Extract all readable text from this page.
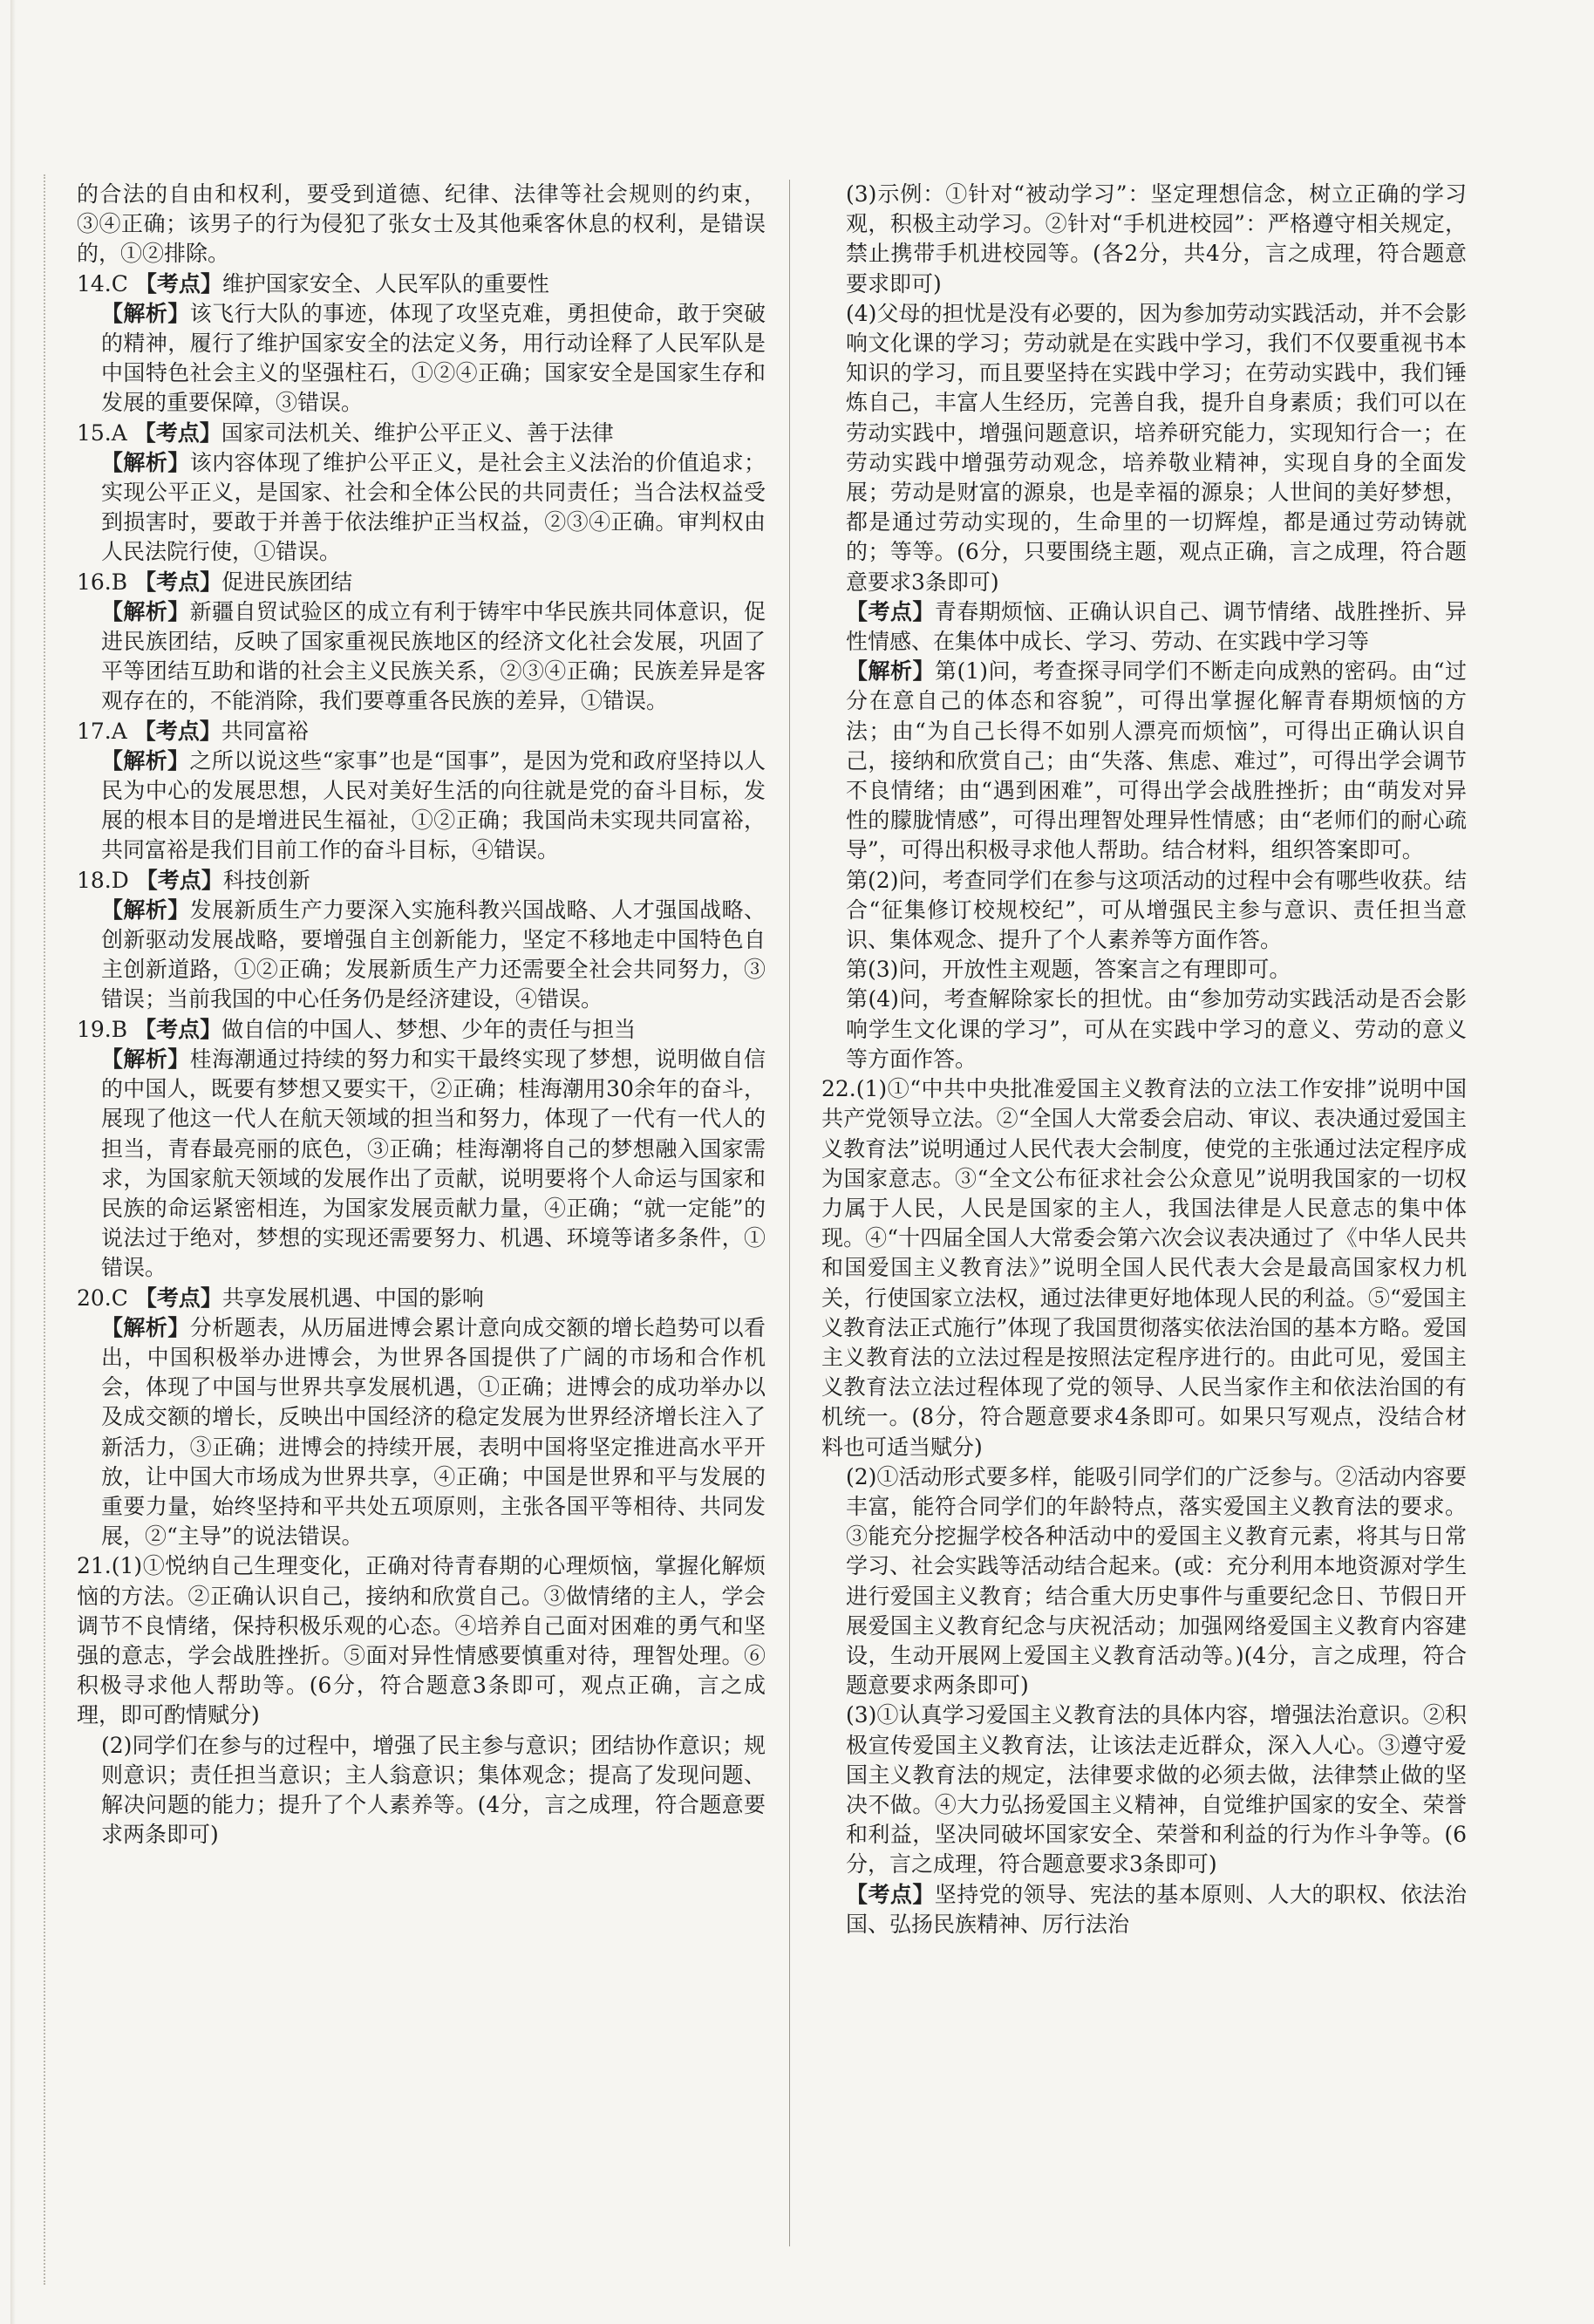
的合法的自由和权利，要受到道德、纪律、法律等社会规则的约束，③④正确；该男子的行为侵犯了张女士及其他乘客休息的权利，是错误的，①②排除。

14.C 【考点】维护国家安全、人民军队的重要性

【解析】该飞行大队的事迹，体现了攻坚克难，勇担使命，敢于突破的精神，履行了维护国家安全的法定义务，用行动诠释了人民军队是中国特色社会主义的坚强柱石，①②④正确；国家安全是国家生存和发展的重要保障，③错误。

15.A 【考点】国家司法机关、维护公平正义、善于法律

【解析】该内容体现了维护公平正义，是社会主义法治的价值追求；实现公平正义，是国家、社会和全体公民的共同责任；当合法权益受到损害时，要敢于并善于依法维护正当权益，②③④正确。审判权由人民法院行使，①错误。

16.B 【考点】促进民族团结

【解析】新疆自贸试验区的成立有利于铸牢中华民族共同体意识，促进民族团结，反映了国家重视民族地区的经济文化社会发展，巩固了平等团结互助和谐的社会主义民族关系，②③④正确；民族差异是客观存在的，不能消除，我们要尊重各民族的差异，①错误。

17.A 【考点】共同富裕

【解析】之所以说这些“家事”也是“国事”，是因为党和政府坚持以人民为中心的发展思想，人民对美好生活的向往就是党的奋斗目标，发展的根本目的是增进民生福祉，①②正确；我国尚未实现共同富裕，共同富裕是我们目前工作的奋斗目标，④错误。

18.D 【考点】科技创新

【解析】发展新质生产力要深入实施科教兴国战略、人才强国战略、创新驱动发展战略，要增强自主创新能力，坚定不移地走中国特色自主创新道路，①②正确；发展新质生产力还需要全社会共同努力，③错误；当前我国的中心任务仍是经济建设，④错误。

19.B 【考点】做自信的中国人、梦想、少年的责任与担当

【解析】桂海潮通过持续的努力和实干最终实现了梦想，说明做自信的中国人，既要有梦想又要实干，②正确；桂海潮用30余年的奋斗，展现了他这一代人在航天领域的担当和努力，体现了一代有一代人的担当，青春最亮丽的底色，③正确；桂海潮将自己的梦想融入国家需求，为国家航天领域的发展作出了贡献，说明要将个人命运与国家和民族的命运紧密相连，为国家发展贡献力量，④正确；“就一定能”的说法过于绝对，梦想的实现还需要努力、机遇、环境等诸多条件，①错误。

20.C 【考点】共享发展机遇、中国的影响

【解析】分析题表，从历届进博会累计意向成交额的增长趋势可以看出，中国积极举办进博会，为世界各国提供了广阔的市场和合作机会，体现了中国与世界共享发展机遇，①正确；进博会的成功举办以及成交额的增长，反映出中国经济的稳定发展为世界经济增长注入了新活力，③正确；进博会的持续开展，表明中国将坚定推进高水平开放，让中国大市场成为世界共享，④正确；中国是世界和平与发展的重要力量，始终坚持和平共处五项原则，主张各国平等相待、共同发展，②“主导”的说法错误。

21.(1)①悦纳自己生理变化，正确对待青春期的心理烦恼，掌握化解烦恼的方法。②正确认识自己，接纳和欣赏自己。③做情绪的主人，学会调节不良情绪，保持积极乐观的心态。④培养自己面对困难的勇气和坚强的意志，学会战胜挫折。⑤面对异性情感要慎重对待，理智处理。⑥积极寻求他人帮助等。(6分，符合题意3条即可，观点正确，言之成理，即可酌情赋分)

(2)同学们在参与的过程中，增强了民主参与意识；团结协作意识；规则意识；责任担当意识；主人翁意识；集体观念；提高了发现问题、解决问题的能力；提升了个人素养等。(4分，言之成理，符合题意要求两条即可)

(3)示例：①针对“被动学习”：坚定理想信念，树立正确的学习观，积极主动学习。②针对“手机进校园”：严格遵守相关规定，禁止携带手机进校园等。(各2分，共4分，言之成理，符合题意要求即可)

(4)父母的担忧是没有必要的，因为参加劳动实践活动，并不会影响文化课的学习；劳动就是在实践中学习，我们不仅要重视书本知识的学习，而且要坚持在实践中学习；在劳动实践中，我们锤炼自己，丰富人生经历，完善自我，提升自身素质；我们可以在劳动实践中，增强问题意识，培养研究能力，实现知行合一；在劳动实践中增强劳动观念，培养敬业精神，实现自身的全面发展；劳动是财富的源泉，也是幸福的源泉；人世间的美好梦想，都是通过劳动实现的，生命里的一切辉煌，都是通过劳动铸就的；等等。(6分，只要围绕主题，观点正确，言之成理，符合题意要求3条即可)

【考点】青春期烦恼、正确认识自己、调节情绪、战胜挫折、异性情感、在集体中成长、学习、劳动、在实践中学习等

【解析】第(1)问，考查探寻同学们不断走向成熟的密码。由“过分在意自己的体态和容貌”，可得出掌握化解青春期烦恼的方法；由“为自己长得不如别人漂亮而烦恼”，可得出正确认识自己，接纳和欣赏自己；由“失落、焦虑、难过”，可得出学会调节不良情绪；由“遇到困难”，可得出学会战胜挫折；由“萌发对异性的朦胧情感”，可得出理智处理异性情感；由“老师们的耐心疏导”，可得出积极寻求他人帮助。结合材料，组织答案即可。

第(2)问，考查同学们在参与这项活动的过程中会有哪些收获。结合“征集修订校规校纪”，可从增强民主参与意识、责任担当意识、集体观念、提升了个人素养等方面作答。

第(3)问，开放性主观题，答案言之有理即可。

第(4)问，考查解除家长的担忧。由“参加劳动实践活动是否会影响学生文化课的学习”，可从在实践中学习的意义、劳动的意义等方面作答。

22.(1)①“中共中央批准爱国主义教育法的立法工作安排”说明中国共产党领导立法。②“全国人大常委会启动、审议、表决通过爱国主义教育法”说明通过人民代表大会制度，使党的主张通过法定程序成为国家意志。③“全文公布征求社会公众意见”说明我国家的一切权力属于人民，人民是国家的主人，我国法律是人民意志的集中体现。④“十四届全国人大常委会第六次会议表决通过了《中华人民共和国爱国主义教育法》”说明全国人民代表大会是最高国家权力机关，行使国家立法权，通过法律更好地体现人民的利益。⑤“爱国主义教育法正式施行”体现了我国贯彻落实依法治国的基本方略。爱国主义教育法的立法过程是按照法定程序进行的。由此可见，爱国主义教育法立法过程体现了党的领导、人民当家作主和依法治国的有机统一。(8分，符合题意要求4条即可。如果只写观点，没结合材料也可适当赋分)

(2)①活动形式要多样，能吸引同学们的广泛参与。②活动内容要丰富，能符合同学们的年龄特点，落实爱国主义教育法的要求。③能充分挖掘学校各种活动中的爱国主义教育元素，将其与日常学习、社会实践等活动结合起来。(或：充分利用本地资源对学生进行爱国主义教育；结合重大历史事件与重要纪念日、节假日开展爱国主义教育纪念与庆祝活动；加强网络爱国主义教育内容建设，生动开展网上爱国主义教育活动等。)(4分，言之成理，符合题意要求两条即可)

(3)①认真学习爱国主义教育法的具体内容，增强法治意识。②积极宣传爱国主义教育法，让该法走近群众，深入人心。③遵守爱国主义教育法的规定，法律要求做的必须去做，法律禁止做的坚决不做。④大力弘扬爱国主义精神，自觉维护国家的安全、荣誉和利益，坚决同破坏国家安全、荣誉和利益的行为作斗争等。(6分，言之成理，符合题意要求3条即可)

【考点】坚持党的领导、宪法的基本原则、人大的职权、依法治国、弘扬民族精神、厉行法治
